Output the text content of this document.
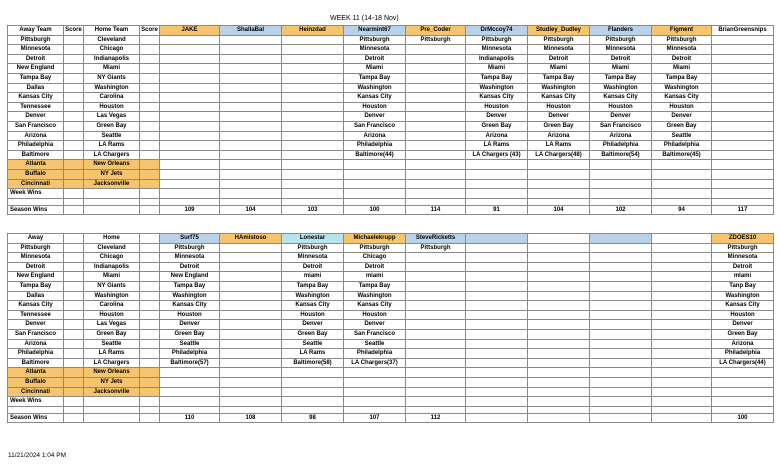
WEEK 11 (14-18 Nov)
Away Team	Score	Home Team	Score	JAKE	ShallaBal	Heinzdad	Nearmint67	Pre_Coder	DrMccoy74	Studley_Dudley	Flanders	Figment	BrianGreensnips
Pittsburgh		Cleveland					Pittsburgh	Pittsburgh	Pittsburgh	Pittsburgh	Pittsburgh	Pittsburgh	
Minnesota		Chicago					Minnesota		Minnesota	Minnesota	Minnesota	Minnesota	
Detroit		Indianapolis					Detroit		Indianapolis	Detroit	Detroit	Detroit	
New England		Miami					Miami		Miami	Miami	Miami	Miami	
Tampa Bay		NY Giants					Tampa Bay		Tampa Bay	Tampa Bay	Tampa Bay	Tampa Bay	
Dallas		Washington					Washington		Washington	Washington	Washington	Washington	
Kansas City		Carolina					Kansas City		Kansas City	Kansas City	Kansas City	Kansas City	
Tennessee		Houston					Houston		Houston	Houston	Houston	Houston	
Denver		Las Vegas					Denver		Denver	Denver	Denver	Denver	
San Francisco		Green Bay					San Francisco		Green Bay	Green Bay	San Francisco	Green Bay	
Arizona		Seattle					Arizona		Arizona	Arizona	Arizona	Seattle	
Philadelphia		LA Rams					Philadelphia		LA Rams	LA Rams	Philadelphia	Philadelphia	
Baltimore		LA Chargers					Baltimore(44)		LA Chargers (43)	LA Chargers(48)	Baltimore(54)	Baltimore(45)	
Atlanta		New Orleans											
Buffalo		NY Jets											
Cincinnati		Jacksonville											
Week Wins													

Season Wins				109	104	103	100	114	91	104	102	94	117
Away		Home		Surf75	HAmlstoso	Lonestar	Michaelekrupp	SteveRicketts					ZDOES10
Pittsburgh		Cleveland		Pittsburgh		Pittsburgh	Pittsburgh	Pittsburgh					Pittsburgh
Minnesota		Chicago		Minnesota		Minnesota	Chicago						Minnesota
Detroit		Indianapolis		Detroit		Detroit	Detroit						Detroit
New England		Miami		New England		miami	miami						mlami
Tampa Bay		NY Giants		Tampa Bay		Tampa Bay	Tampa Bay						Tanp Bay
Dallas		Washington		Washington		Washington	Washington						Washington
Kansas City		Carolina		Kansas City		Kansas City	Kansas City						Kansas City
Tennessee		Houston		Houston		Houston	Houston						Houston
Denver		Las Vegas		Denver		Denver	Denver						Denver
San Francisco		Green Bay		Green Bay		Green Bay	San Francisco						Green Bay
Arizona		Seattle		Seattle		Seattle	Seattle						Arizona
Philadelphia		LA Rams		Philadelphia		LA Rams	Philadelphia						Philadelphia
Baltimore		LA Chargers		Baltimore(57)		Baltimore(58)	LA Chargers(37)						LA Chargers(44)
Atlanta		New Orleans											
Buffalo		NY Jets											
Cincinnati		Jacksonville											
Week Wins													

Season Wins				110	108	98	107	112					100
11/21/2024 1:04 PM
